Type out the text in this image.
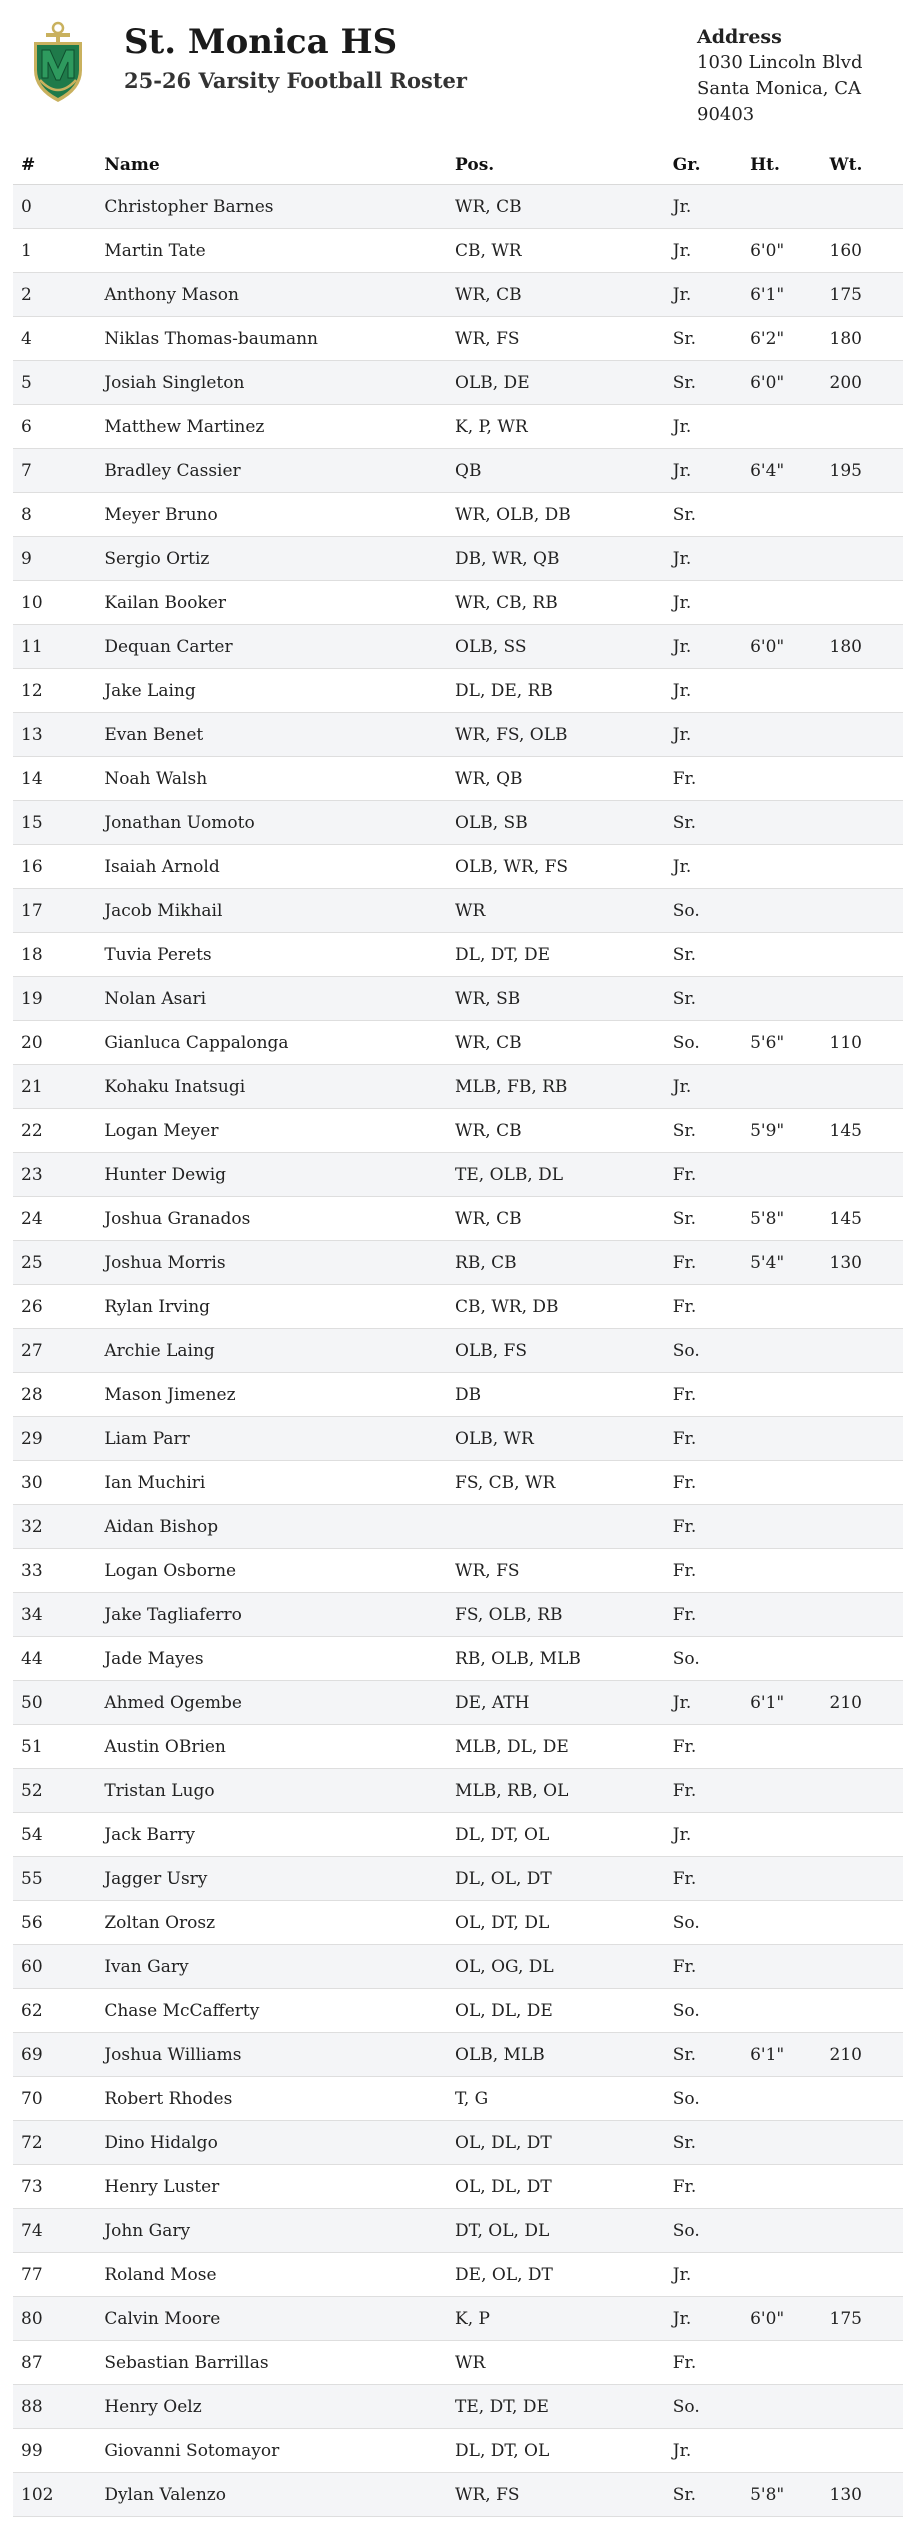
St. Monica HS
25-26 Varsity Football Roster
Address
1030 Lincoln Blvd
Santa Monica, CA 90403
#	Name	Pos.	Gr.	Ht.	Wt.
0	Christopher Barnes	WR, CB	Jr.		
1	Martin Tate	CB, WR	Jr.	6'0"	160
2	Anthony Mason	WR, CB	Jr.	6'1"	175
4	Niklas Thomas-baumann	WR, FS	Sr.	6'2"	180
5	Josiah Singleton	OLB, DE	Sr.	6'0"	200
6	Matthew Martinez	K, P, WR	Jr.		
7	Bradley Cassier	QB	Jr.	6'4"	195
8	Meyer Bruno	WR, OLB, DB	Sr.		
9	Sergio Ortiz	DB, WR, QB	Jr.		
10	Kailan Booker	WR, CB, RB	Jr.		
11	Dequan Carter	OLB, SS	Jr.	6'0"	180
12	Jake Laing	DL, DE, RB	Jr.		
13	Evan Benet	WR, FS, OLB	Jr.		
14	Noah Walsh	WR, QB	Fr.		
15	Jonathan Uomoto	OLB, SB	Sr.		
16	Isaiah Arnold	OLB, WR, FS	Jr.		
17	Jacob Mikhail	WR	So.		
18	Tuvia Perets	DL, DT, DE	Sr.		
19	Nolan Asari	WR, SB	Sr.		
20	Gianluca Cappalonga	WR, CB	So.	5'6"	110
21	Kohaku Inatsugi	MLB, FB, RB	Jr.		
22	Logan Meyer	WR, CB	Sr.	5'9"	145
23	Hunter Dewig	TE, OLB, DL	Fr.		
24	Joshua Granados	WR, CB	Sr.	5'8"	145
25	Joshua Morris	RB, CB	Fr.	5'4"	130
26	Rylan Irving	CB, WR, DB	Fr.		
27	Archie Laing	OLB, FS	So.		
28	Mason Jimenez	DB	Fr.		
29	Liam Parr	OLB, WR	Fr.		
30	Ian Muchiri	FS, CB, WR	Fr.		
32	Aidan Bishop		Fr.		
33	Logan Osborne	WR, FS	Fr.		
34	Jake Tagliaferro	FS, OLB, RB	Fr.		
44	Jade Mayes	RB, OLB, MLB	So.		
50	Ahmed Ogembe	DE, ATH	Jr.	6'1"	210
51	Austin OBrien	MLB, DL, DE	Fr.		
52	Tristan Lugo	MLB, RB, OL	Fr.		
54	Jack Barry	DL, DT, OL	Jr.		
55	Jagger Usry	DL, OL, DT	Fr.		
56	Zoltan Orosz	OL, DT, DL	So.		
60	Ivan Gary	OL, OG, DL	Fr.		
62	Chase McCafferty	OL, DL, DE	So.		
69	Joshua Williams	OLB, MLB	Sr.	6'1"	210
70	Robert Rhodes	T, G	So.		
72	Dino Hidalgo	OL, DL, DT	Sr.		
73	Henry Luster	OL, DL, DT	Fr.		
74	John Gary	DT, OL, DL	So.		
77	Roland Mose	DE, OL, DT	Jr.		
80	Calvin Moore	K, P	Jr.	6'0"	175
87	Sebastian Barrillas	WR	Fr.		
88	Henry Oelz	TE, DT, DE	So.		
99	Giovanni Sotomayor	DL, DT, OL	Jr.		
102	Dylan Valenzo	WR, FS	Sr.	5'8"	130
